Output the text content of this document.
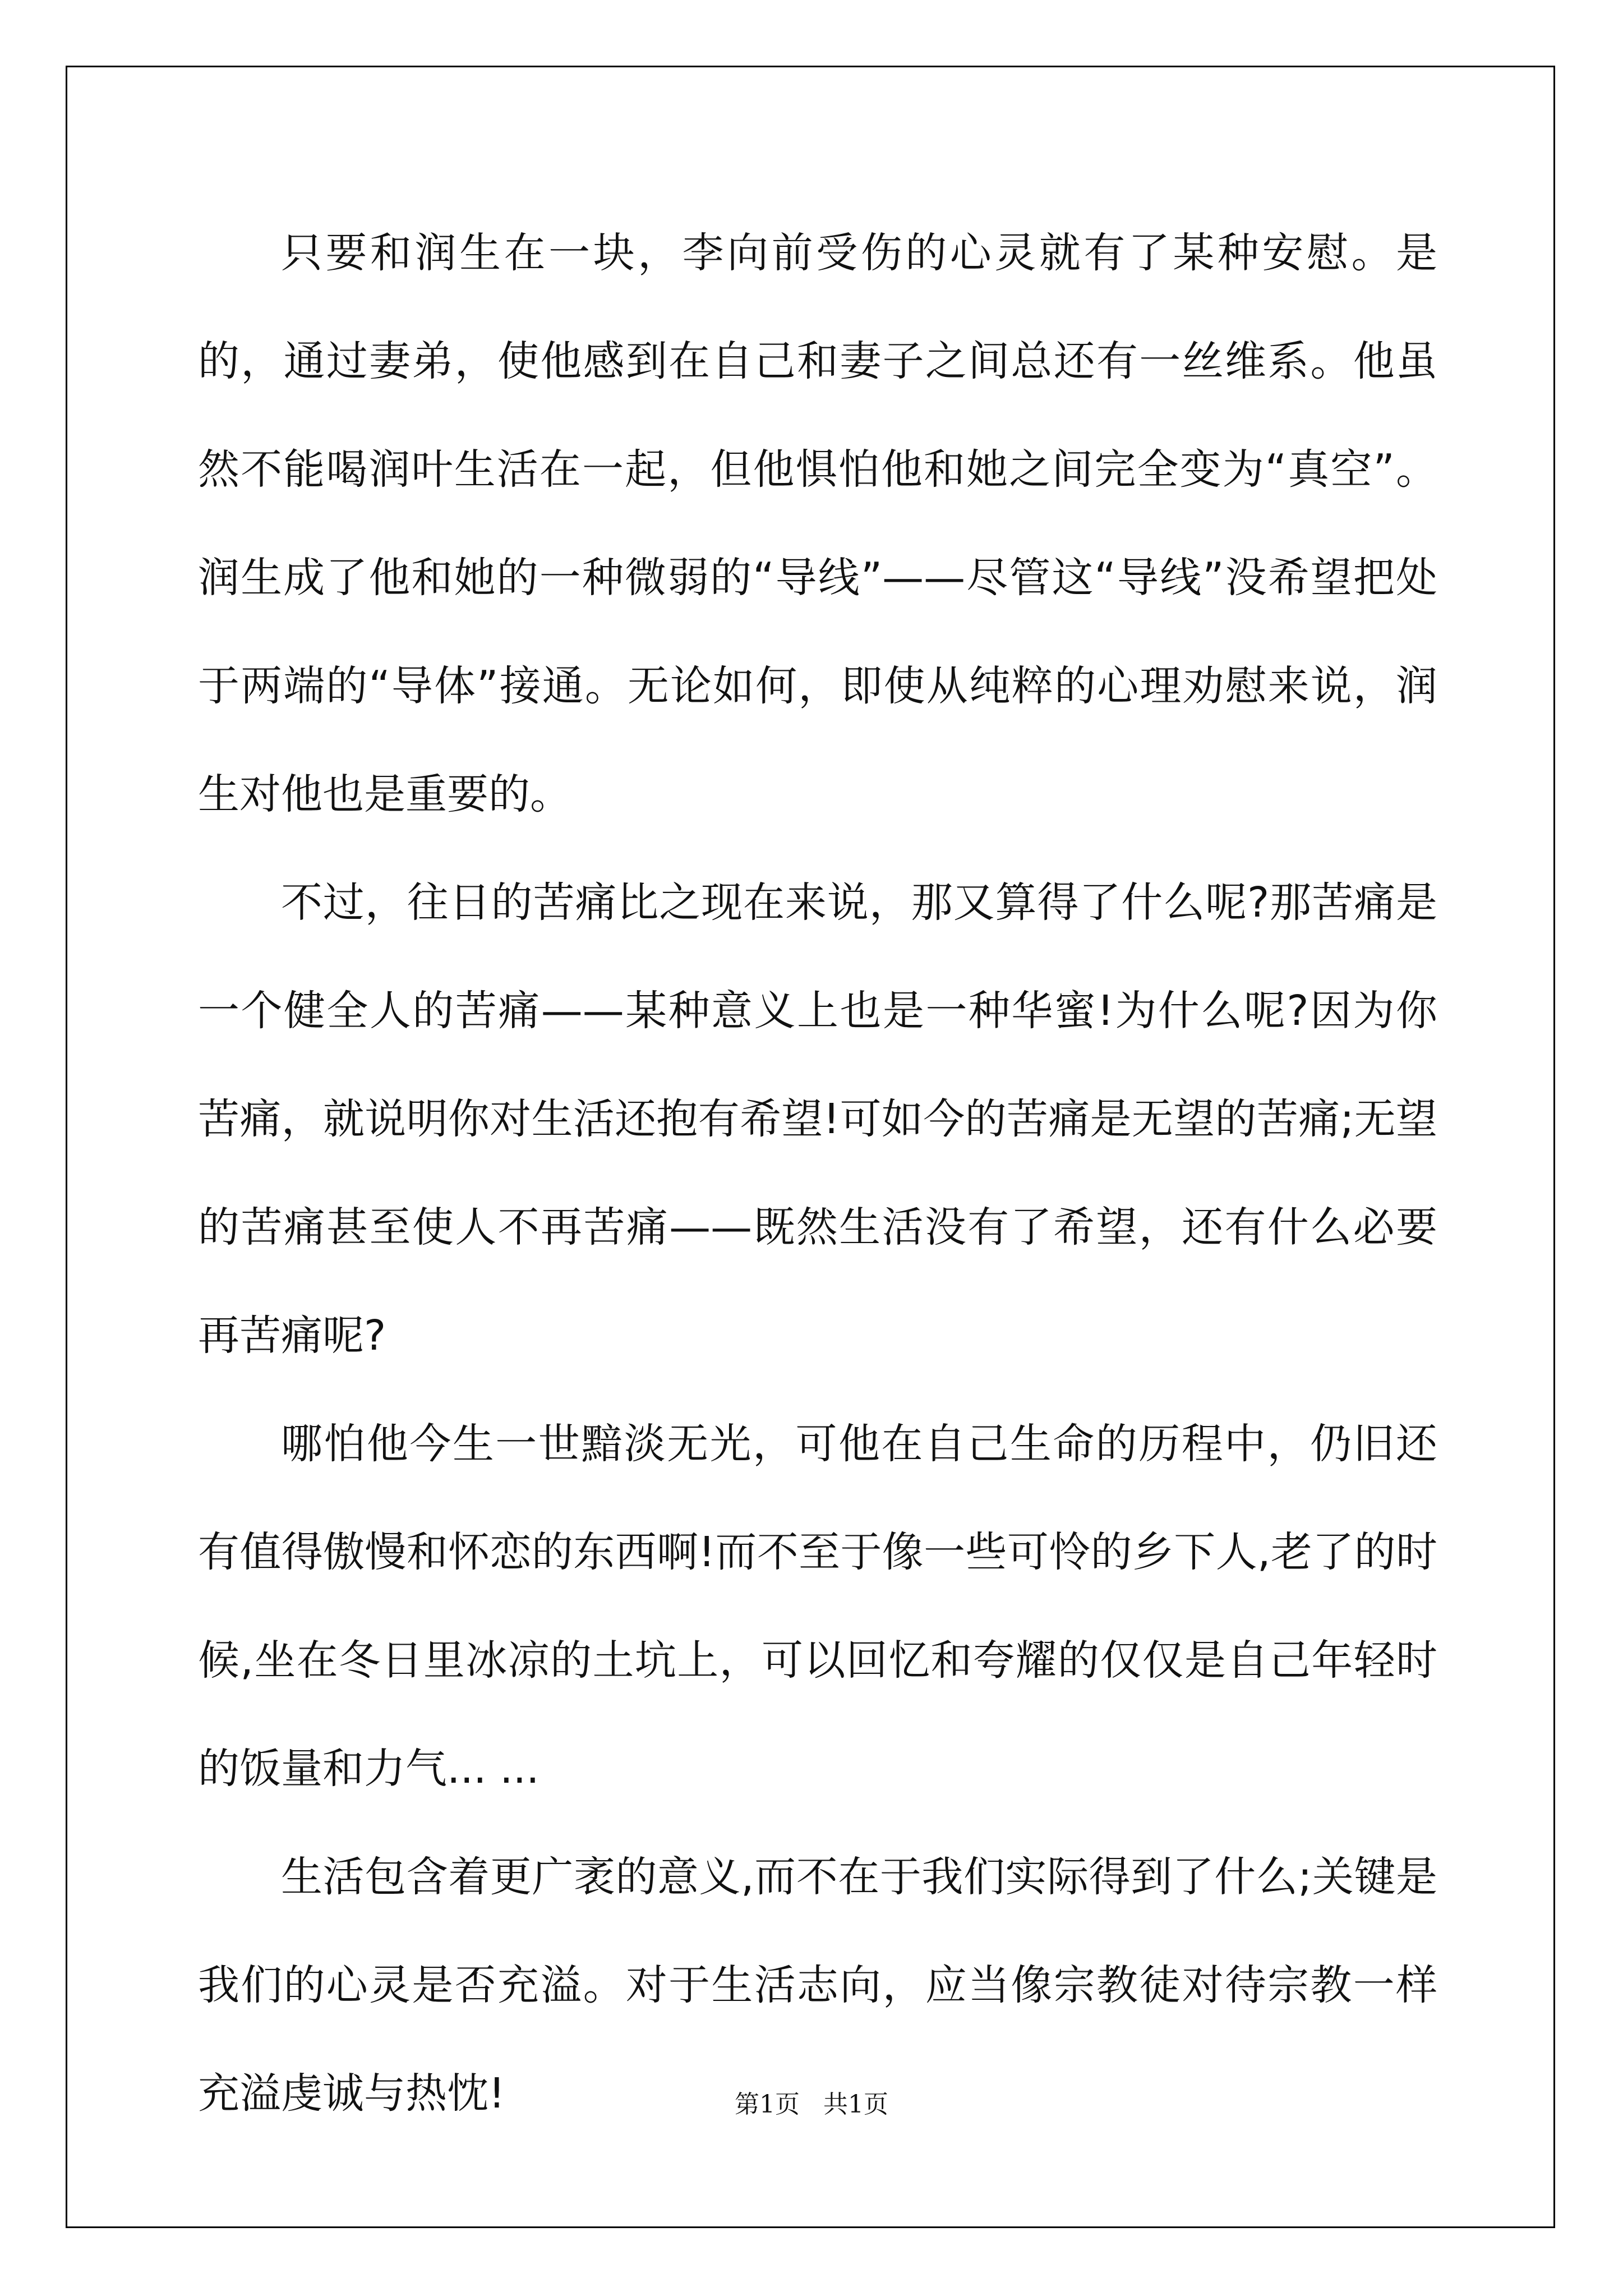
只要和润生在一块，李向前受伤的心灵就有了某种安慰。是的，通过妻弟，使他感到在自己和妻子之间总还有一丝维系。他虽然不能喝润叶生活在一起，但他惧怕他和她之间完全变为“真空”。润生成了他和她的一种微弱的“导线”——尽管这“导线”没希望把处于两端的“导体”接通。无论如何，即使从纯粹的心理劝慰来说，润生对他也是重要的。

不过，往日的苦痛比之现在来说，那又算得了什么呢?那苦痛是一个健全人的苦痛——某种意义上也是一种华蜜!为什么呢?因为你苦痛，就说明你对生活还抱有希望!可如今的苦痛是无望的苦痛;无望的苦痛甚至使人不再苦痛——既然生活没有了希望，还有什么必要再苦痛呢?

哪怕他今生一世黯淡无光，可他在自己生命的历程中，仍旧还有值得傲慢和怀恋的东西啊!而不至于像一些可怜的乡下人,老了的时候,坐在冬日里冰凉的土坑上，可以回忆和夸耀的仅仅是自己年轻时的饭量和力气... ...

生活包含着更广袤的意义,而不在于我们实际得到了什么;关键是我们的心灵是否充溢。对于生活志向，应当像宗教徒对待宗教一样充溢虔诚与热忱!	第1页   共1页
